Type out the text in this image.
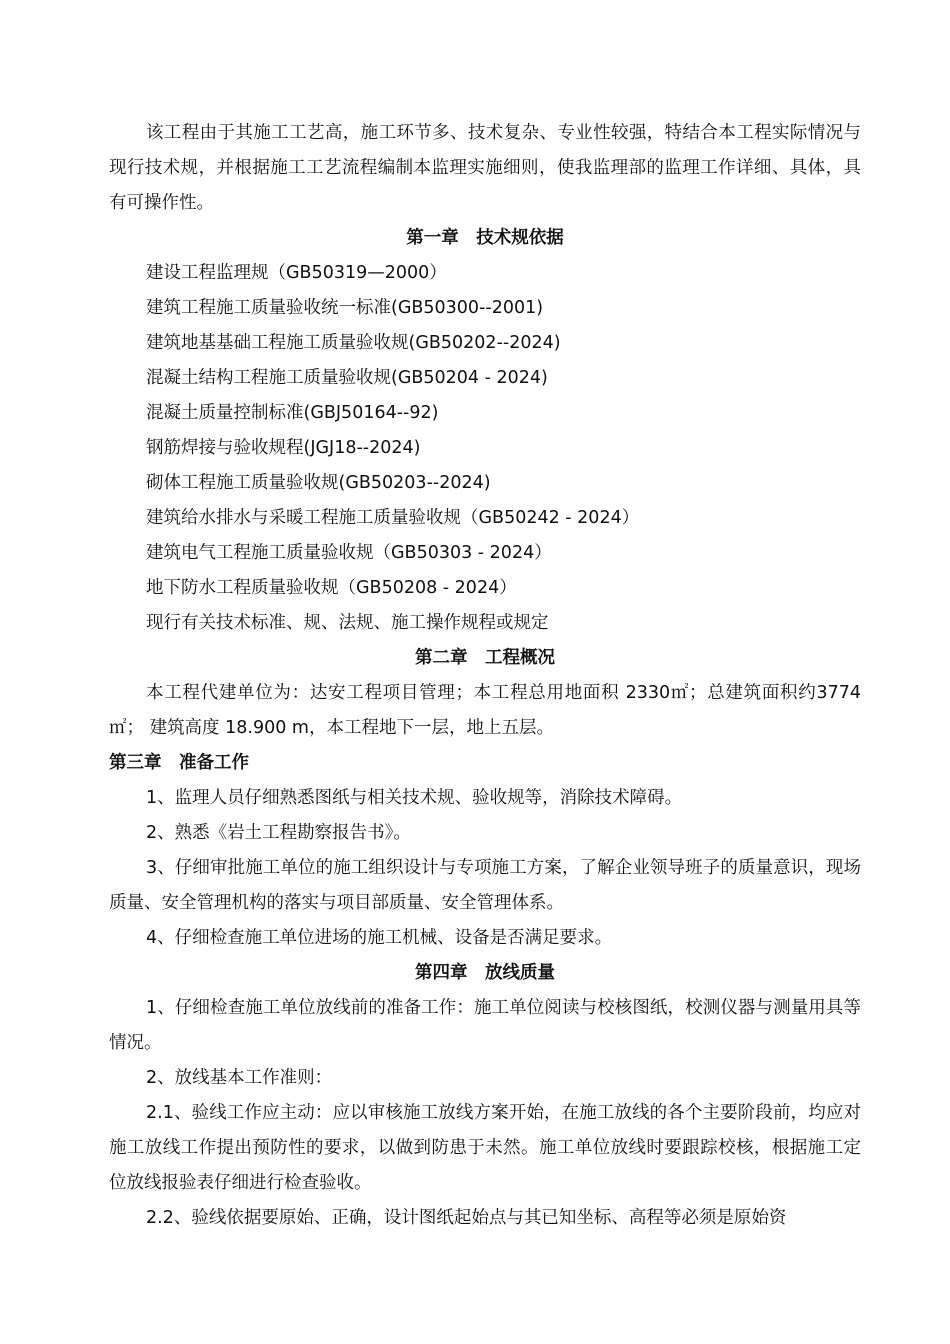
该工程由于其施工工艺高，施工环节多、技术复杂、专业性较强，特结合本工程实际情况与现行技术规，并根据施工工艺流程编制本监理实施细则，使我监理部的监理工作详细、具体，具有可操作性。

第一章　技术规依据

建设工程监理规（GB50319—2000）

建筑工程施工质量验收统一标准(GB50300--2001)

建筑地基基础工程施工质量验收规(GB50202--2024)

混凝土结构工程施工质量验收规(GB50204 - 2024)

混凝土质量控制标准(GBJ50164--92)

钢筋焊接与验收规程(JGJ18--2024)

砌体工程施工质量验收规(GB50203--2024)

建筑给水排水与采暖工程施工质量验收规（GB50242 - 2024）

建筑电气工程施工质量验收规（GB50303 - 2024）

地下防水工程质量验收规（GB50208 - 2024）

现行有关技术标准、规、法规、施工操作规程或规定

第二章　工程概况

本工程代建单位为：达安工程项目管理；本工程总用地面积 2330㎡；总建筑面积约3774㎡； 建筑高度 18.900 m，本工程地下一层，地上五层。

第三章　准备工作

1、监理人员仔细熟悉图纸与相关技术规、验收规等，消除技术障碍。

2、熟悉《岩土工程勘察报告书》。

3、仔细审批施工单位的施工组织设计与专项施工方案，了解企业领导班子的质量意识，现场质量、安全管理机构的落实与项目部质量、安全管理体系。

4、仔细检查施工单位进场的施工机械、设备是否满足要求。

第四章　放线质量

1、仔细检查施工单位放线前的准备工作：施工单位阅读与校核图纸，校测仪器与测量用具等情况。

2、放线基本工作准则：

2.1、验线工作应主动：应以审核施工放线方案开始，在施工放线的各个主要阶段前，均应对施工放线工作提出预防性的要求，以做到防患于未然。施工单位放线时要跟踪校核，根据施工定位放线报验表仔细进行检查验收。

2.2、验线依据要原始、正确，设计图纸起始点与其已知坐标、高程等必须是原始资
